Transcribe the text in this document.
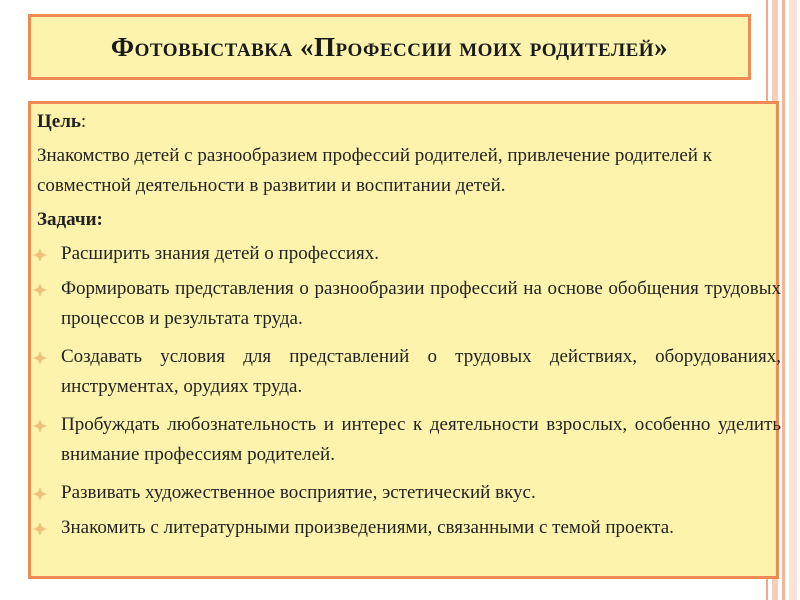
Фотовыставка «Профессии моих родителей»
Цель:
Знакомство детей с разнообразием профессий родителей, привлечение родителей к совместной деятельности в развитии и воспитании детей.
Задачи:
Расширить знания детей о профессиях.
Формировать представления о разнообразии профессий на основе обобщения трудовых процессов и результата труда.
Создавать условия для представлений о трудовых действиях, оборудованиях, инструментах, орудиях труда.
Пробуждать любознательность и интерес к деятельности взрослых, особенно уделить внимание профессиям родителей.
Развивать художественное восприятие, эстетический вкус.
Знакомить с литературными произведениями, связанными с темой проекта.
